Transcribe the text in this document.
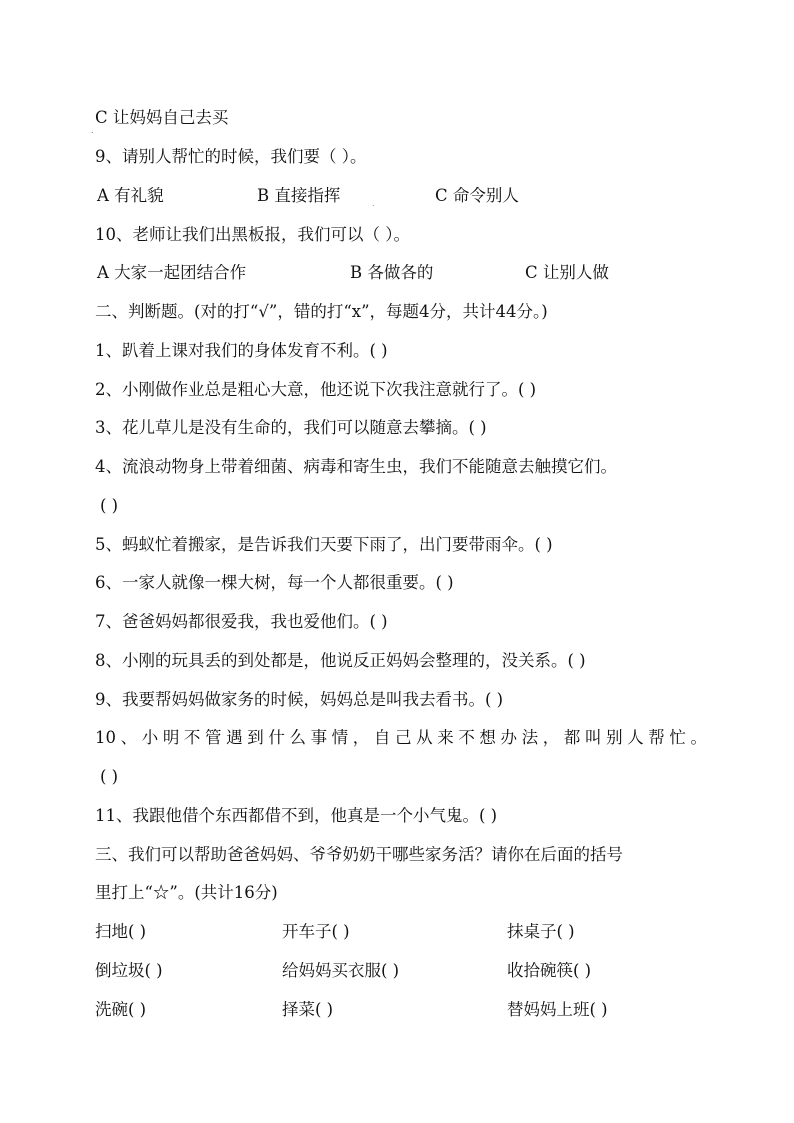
.
C 让妈妈自己去买
9、请别人帮忙的时候，我们要（ ）。
A 有礼貌	B 直接指挥	C 命令别人
.
10、老师让我们出黑板报，我们可以（ ）。
A 大家一起团结合作	B 各做各的	C 让别人做
二、判断题。(对的打“√”，错的打“x”，每题4分，共计44分。)
1、趴着上课对我们的身体发育不利。( )
2、小刚做作业总是粗心大意，他还说下次我注意就行了。( )
3、花儿草儿是没有生命的，我们可以随意去攀摘。( )
4、流浪动物身上带着细菌、病毒和寄生虫，我们不能随意去触摸它们。
( )
5、蚂蚁忙着搬家，是告诉我们天要下雨了，出门要带雨伞。( )
6、一家人就像一棵大树，每一个人都很重要。( )
7、爸爸妈妈都很爱我，我也爱他们。( )
8、小刚的玩具丢的到处都是，他说反正妈妈会整理的，没关系。( )
9、我要帮妈妈做家务的时候，妈妈总是叫我去看书。( )
10、小明不管遇到什么事情，自己从来不想办法，都叫别人帮忙。
( )
11、我跟他借个东西都借不到，他真是一个小气鬼。( )
三、我们可以帮助爸爸妈妈、爷爷奶奶干哪些家务活？请你在后面的括号
里打上“☆”。(共计16分)
扫地( )	开车子( )	抹桌子( )
倒垃圾( )	给妈妈买衣服( )	收拾碗筷( )
洗碗( )	择菜( )	替妈妈上班( )
